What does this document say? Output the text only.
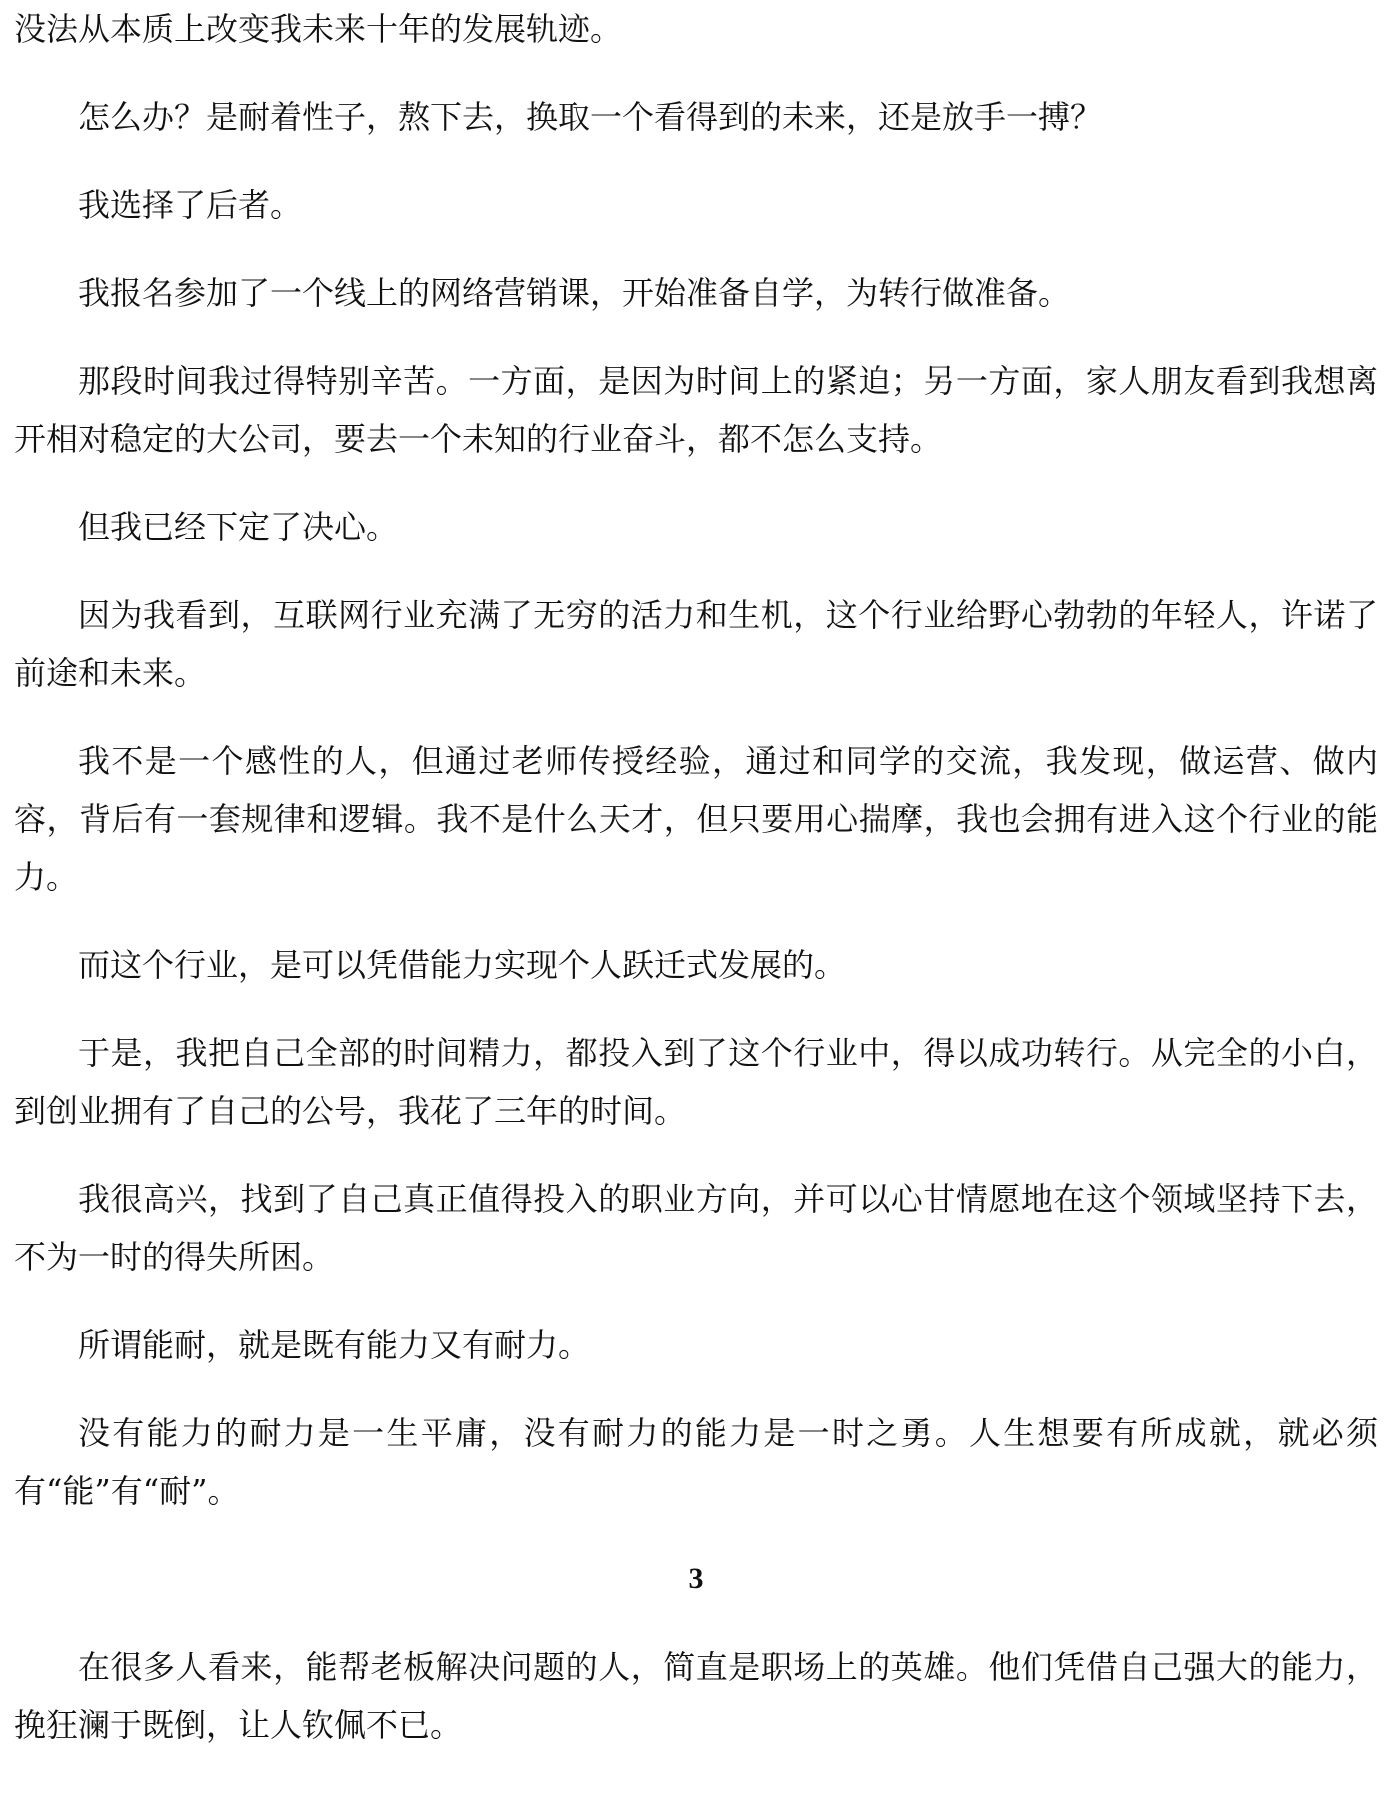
没法从本质上改变我未来十年的发展轨迹。

怎么办？是耐着性子，熬下去，换取一个看得到的未来，还是放手一搏？

我选择了后者。

我报名参加了一个线上的网络营销课，开始准备自学，为转行做准备。

那段时间我过得特别辛苦。一方面，是因为时间上的紧迫；另一方面，家人朋友看到我想离开相对稳定的大公司，要去一个未知的行业奋斗，都不怎么支持。

但我已经下定了决心。

因为我看到，互联网行业充满了无穷的活力和生机，这个行业给野心勃勃的年轻人，许诺了前途和未来。

我不是一个感性的人，但通过老师传授经验，通过和同学的交流，我发现，做运营、做内容，背后有一套规律和逻辑。我不是什么天才，但只要用心揣摩，我也会拥有进入这个行业的能力。

而这个行业，是可以凭借能力实现个人跃迁式发展的。

于是，我把自己全部的时间精力，都投入到了这个行业中，得以成功转行。从完全的小白，到创业拥有了自己的公号，我花了三年的时间。

我很高兴，找到了自己真正值得投入的职业方向，并可以心甘情愿地在这个领域坚持下去，不为一时的得失所困。

所谓能耐，就是既有能力又有耐力。

没有能力的耐力是一生平庸，没有耐力的能力是一时之勇。人生想要有所成就，就必须有“能”有“耐”。

3

在很多人看来，能帮老板解决问题的人，简直是职场上的英雄。他们凭借自己强大的能力，挽狂澜于既倒，让人钦佩不已。
